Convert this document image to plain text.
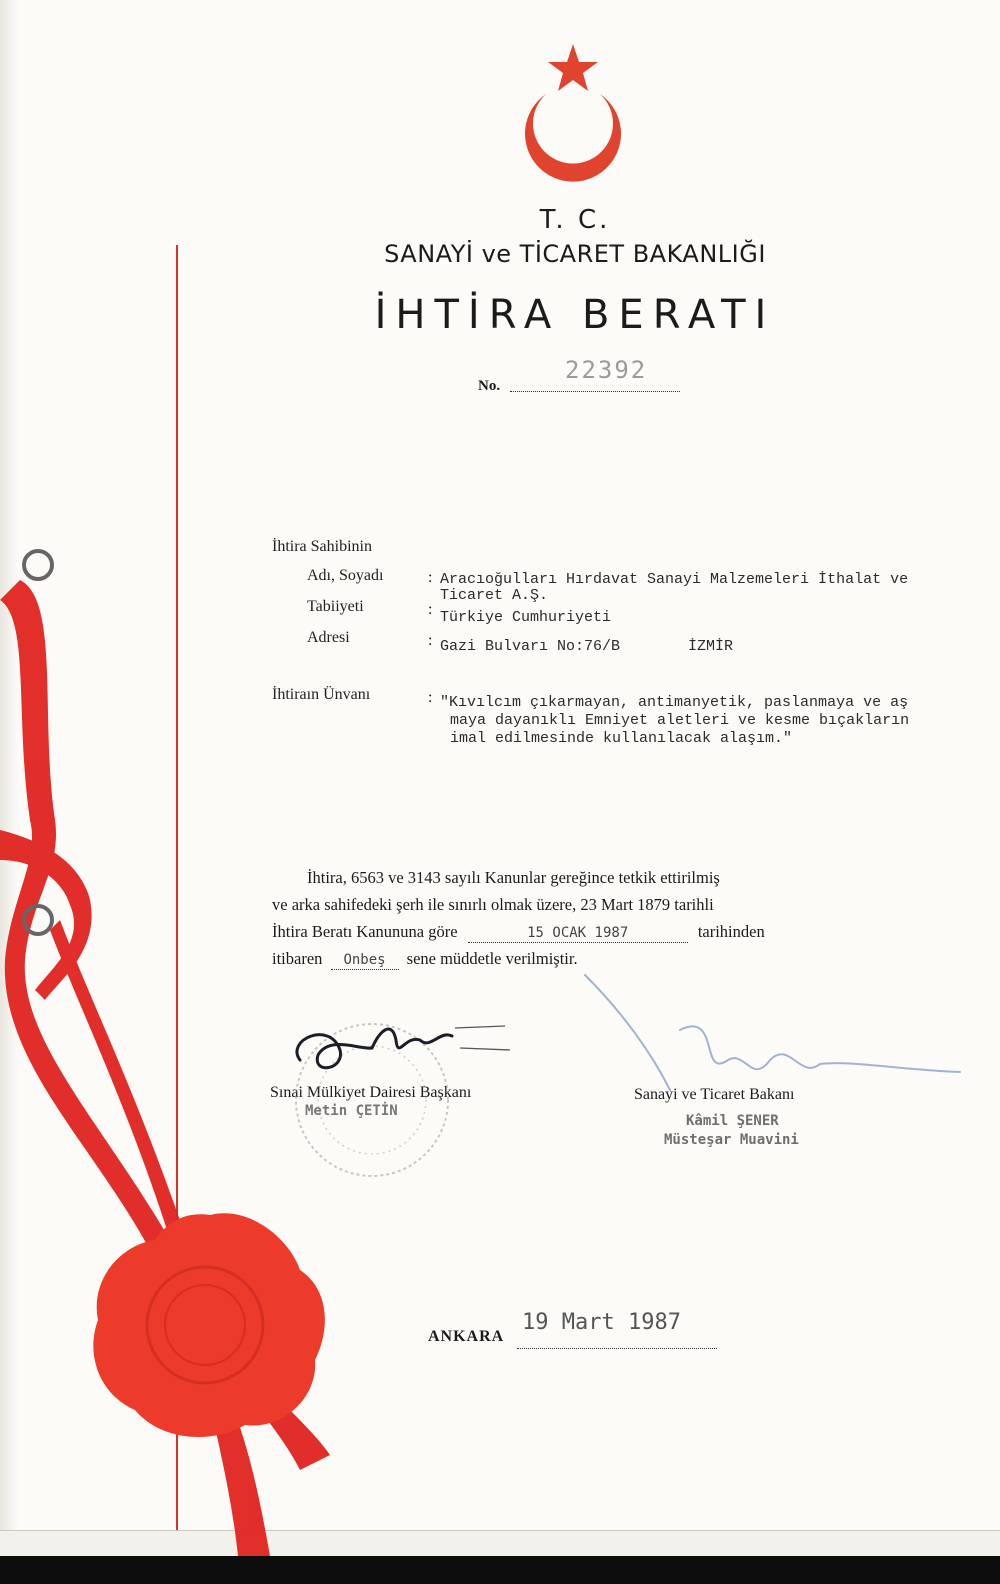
T. C.
SANAYİ ve TİCARET BAKANLIĞI
İHTİRA BERATI
No.
22392
İhtira Sahibinin
Adı, Soyadı	: Aracıoğulları Hırdavat Sanayi Malzemeleri İthalat ve
Ticaret A.Ş.
Tabiiyeti	: Türkiye Cumhuriyeti
Adresi	: Gazi Bulvarı No:76/B	İZMİR
İhtiraın Ünvanı	: "Kıvılcım çıkarmayan, antimanyetik, paslanmaya ve aş
maya dayanıklı Emniyet aletleri ve kesme bıçakların
imal edilmesinde kullanılacak alaşım."
İhtira, 6563 ve 3143 sayılı Kanunlar gereğince tetkik ettirilmiş
ve arka sahifedeki şerh ile sınırlı olmak üzere, 23 Mart 1879 tarihli
İhtira Beratı Kanununa göre	15 OCAK 1987	tarihinden
itibaren Onbeş sene müddetle verilmiştir.
Sınai Mülkiyet Dairesi Başkanı
Metin ÇETİN
Sanayi ve Ticaret Bakanı
Kâmil ŞENER
Müsteşar Muavini
ANKARA
19 Mart 1987
